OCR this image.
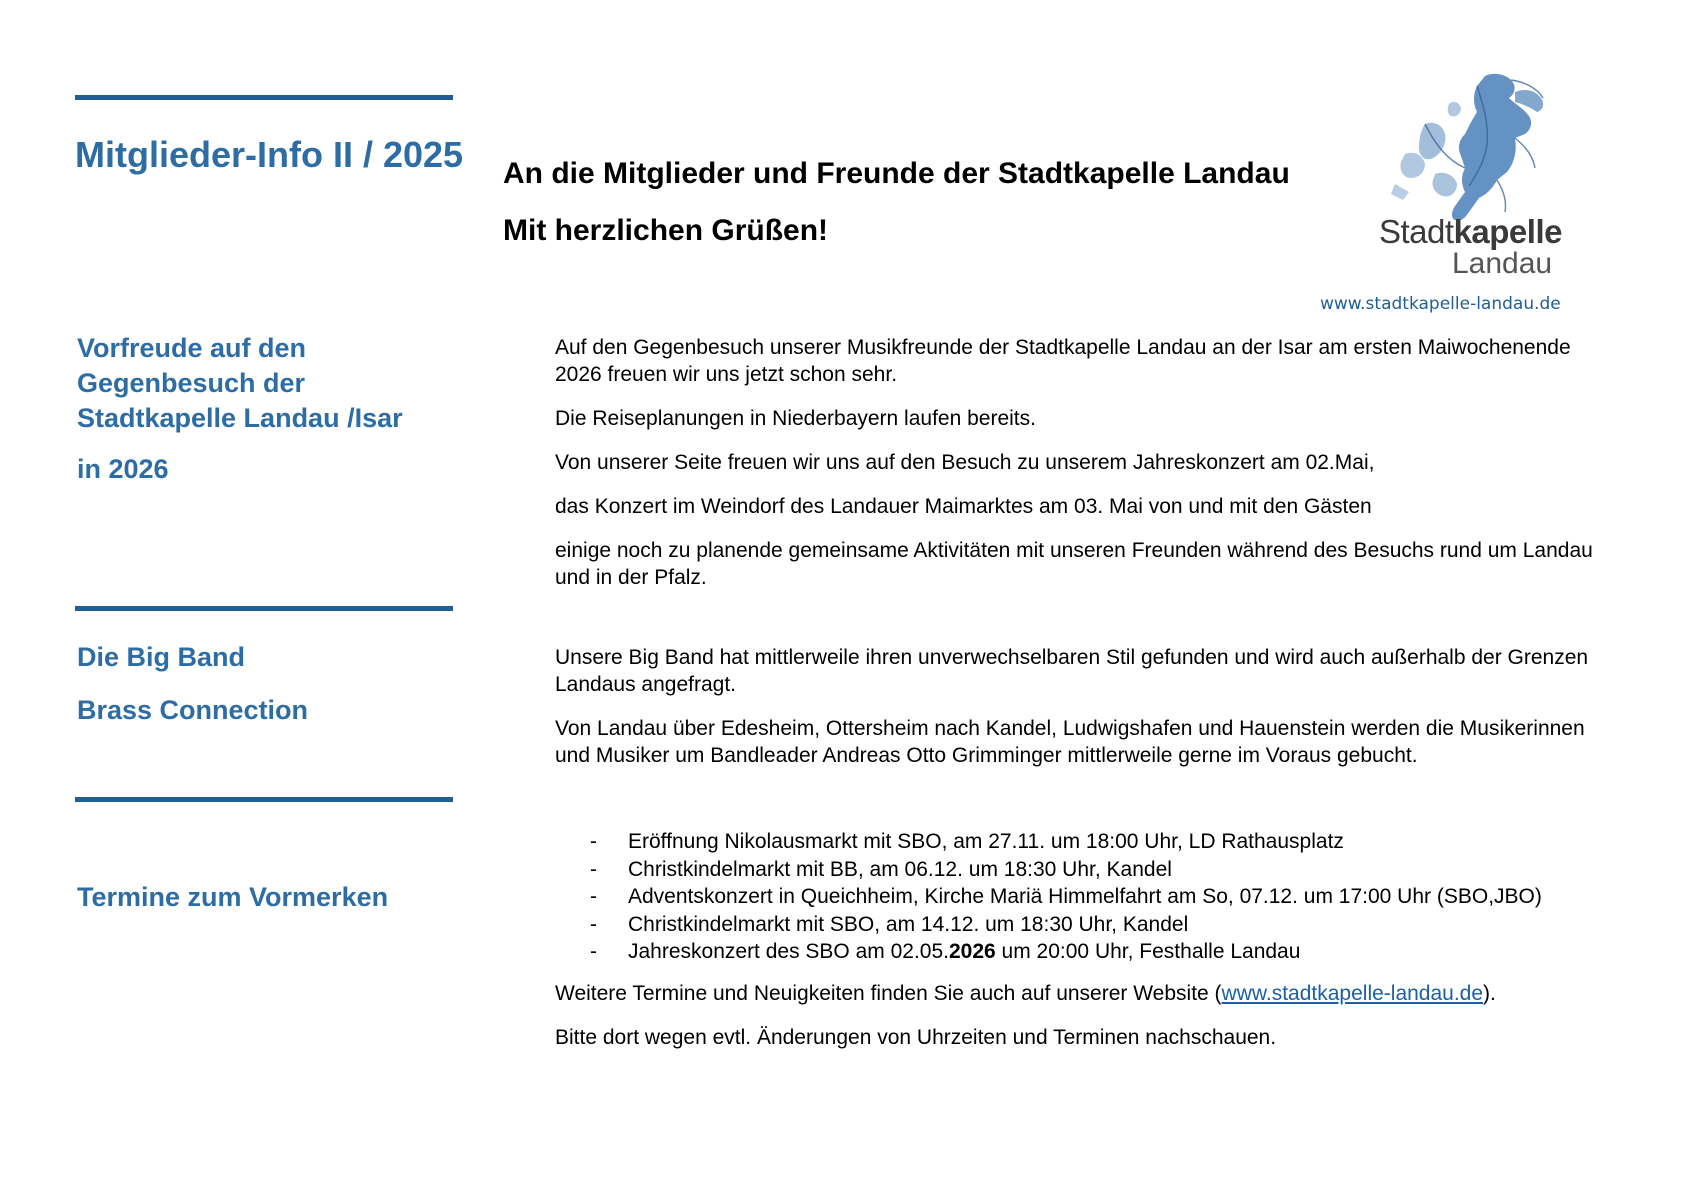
Mitglieder-Info II / 2025 An die Mitglieder und Freunde der Stadtkapelle Landau
Mit herzlichen Grüßen!	Stadtkapelle
Landau
www.stadtkapelle-landau.de
Vorfreude auf den
Gegenbesuch der
Stadtkapelle Landau /Isar
in 2026
Auf den Gegenbesuch unserer Musikfreunde der Stadtkapelle Landau an der Isar am ersten Maiwochenende 2026 freuen wir uns jetzt schon sehr.
Die Reiseplanungen in Niederbayern laufen bereits.
Von unserer Seite freuen wir uns auf den Besuch zu unserem Jahreskonzert am 02.Mai,
das Konzert im Weindorf des Landauer Maimarktes am 03. Mai von und mit den Gästen
einige noch zu planende gemeinsame Aktivitäten mit unseren Freunden während des Besuchs rund um Landau und in der Pfalz.
Die Big Band
Brass Connection
Unsere Big Band hat mittlerweile ihren unverwechselbaren Stil gefunden und wird auch außerhalb der Grenzen Landaus angefragt.
Von Landau über Edesheim, Ottersheim nach Kandel, Ludwigshafen und Hauenstein werden die Musikerinnen und Musiker um Bandleader Andreas Otto Grimminger mittlerweile gerne im Voraus gebucht.
Termine zum Vormerken
- Eröffnung Nikolausmarkt mit SBO, am 27.11. um 18:00 Uhr, LD Rathausplatz
- Christkindelmarkt mit BB, am 06.12. um 18:30 Uhr, Kandel
- Adventskonzert in Queichheim, Kirche Mariä Himmelfahrt am So, 07.12. um 17:00 Uhr (SBO,JBO)
- Christkindelmarkt mit SBO, am 14.12. um 18:30 Uhr, Kandel
- Jahreskonzert des SBO am 02.05.2026 um 20:00 Uhr, Festhalle Landau
Weitere Termine und Neuigkeiten finden Sie auch auf unserer Website (www.stadtkapelle-landau.de).
Bitte dort wegen evtl. Änderungen von Uhrzeiten und Terminen nachschauen.
